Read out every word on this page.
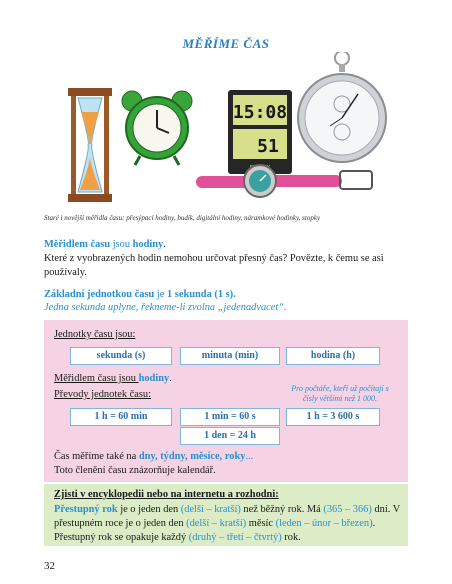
MĚŘÍME ČAS
15:08
51
Staré i novější měřidla času: přesýpací hodiny, budík, digitální hodiny, náramkové hodinky, stopky
Měřidlem času jsou hodiny.
Které z vyobrazených hodin nemohou určovat přesný čas? Povězte, k čemu se asi používaly.
Základní jednotkou času je 1 sekunda (1 s).
Jedna sekunda uplyne, řekneme-li zvolna „jedenadvacet“.
Jednotky času jsou:
sekunda (s)	minuta (min)	hodina (h)
Měřidlem času jsou hodiny.
Převody jednotek času:
Pro počtáře, kteří už počítají s čísly většími než 1 000.
1 h = 60 min	1 min = 60 s	1 h = 3 600 s
1 den = 24 h
Čas měříme také na dny, týdny, měsíce, roky...
Toto členění času znázorňuje kalendář.
Zjisti v encyklopedii nebo na internetu a rozhodni:
Přestupný rok je o jeden den (delší – kratší) než běžný rok. Má (365 – 366) dní. V přestupném roce je o jeden den (delší – kratší) měsíc (leden – únor – březen). Přestupný rok se opakuje každý (druhý – třetí – čtvrtý) rok.
32
